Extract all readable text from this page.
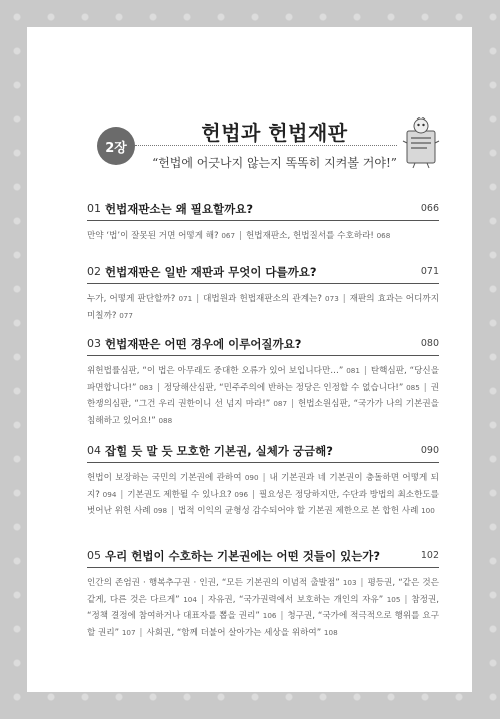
2장
헌법과 헌법재판
“헌법에 어긋나지 않는지 똑똑히 지켜볼 거야!”
01 헌법재판소는 왜 필요할까요?	066
만약 ‘법’이 잘못된 거면 어떻게 해? 067 | 헌법재판소, 헌법질서를 수호하라! 068
02 헌법재판은 일반 재판과 무엇이 다를까요?	071
누가, 어떻게 판단할까? 071 | 대법원과 헌법재판소의 관계는? 073 | 재판의 효과는 어디까지 미칠까? 077
03 헌법재판은 어떤 경우에 이루어질까요?	080
위헌법률심판, “이 법은 아무래도 중대한 오류가 있어 보입니다만…” 081 | 탄핵심판, “당신을 파면합니다!” 083 | 정당해산심판, “민주주의에 반하는 정당은 인정할 수 없습니다!” 085 | 권한쟁의심판, “그건 우리 권한이니 선 넘지 마라!” 087 | 헌법소원심판, “국가가 나의 기본권을 침해하고 있어요!” 088
04 잡힐 듯 말 듯 모호한 기본권, 실체가 궁금해?	090
헌법이 보장하는 국민의 기본권에 관하여 090 | 내 기본권과 네 기본권이 충돌하면 어떻게 되지? 094 | 기본권도 제한될 수 있나요? 096 | 필요성은 정당하지만, 수단과 방법의 최소한도를 벗어난 위헌 사례 098 | 법적 이익의 균형성 감수되어야 할 기본권 제한으로 본 합헌 사례 100
05 우리 헌법이 수호하는 기본권에는 어떤 것들이 있는가?	102
인간의 존엄권 · 행복추구권 · 인권, “모든 기본권의 이념적 출발점” 103 | 평등권, “같은 것은 같게, 다른 것은 다르게” 104 | 자유권, “국가권력에서 보호하는 개인의 자유” 105 | 참정권, “정책 결정에 참여하거나 대표자를 뽑을 권리” 106 | 청구권, “국가에 적극적으로 행위를 요구할 권리” 107 | 사회권, “함께 더불어 살아가는 세상을 위하여” 108
